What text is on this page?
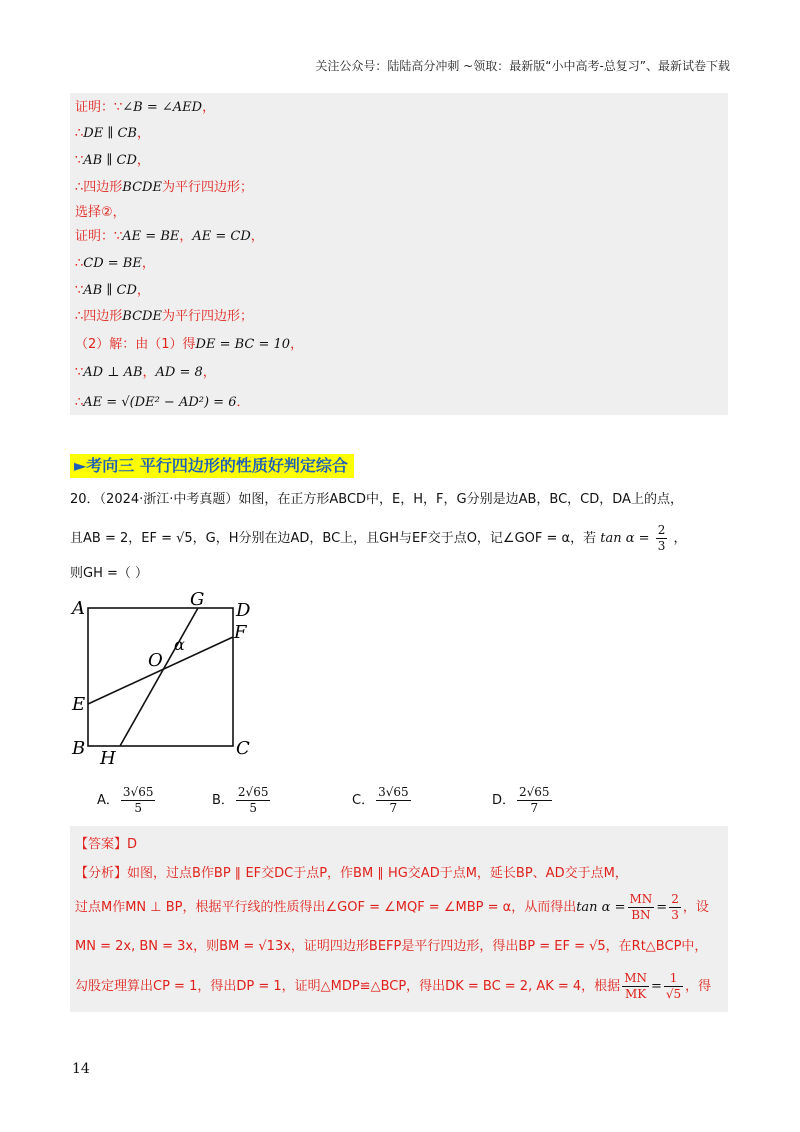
关注公众号：陆陆高分冲刺 ~领取：最新版“小中高考-总复习”、最新试卷下载
证明：∵∠B = ∠AED，
∴DE ∥ CB，
∵AB ∥ CD，
∴四边形BCDE为平行四边形；
选择②，
证明：∵AE = BE，AE = CD，
∴CD = BE，
∵AB ∥ CD，
∴四边形BCDE为平行四边形；
（2）解：由（1）得DE = BC = 10，
∵AD ⊥ AB，AD = 8，
∴AE = √(DE² − AD²) = 6．
►考向三 平行四边形的性质好判定综合
20．（2024·浙江·中考真题）如图，在正方形ABCD中，E，H，F，G分别是边AB，BC，CD，DA上的点，
且AB = 2，EF = √5，G，H分别在边AD，BC上，且GH与EF交于点O，记∠GOF = α，若 $\tan \alpha = \frac{2}{3}$ ，
则GH =（ ）
A	D
G
F
O
α
E
B	C
H
A． $\frac{3√65}{5}$	B． $\frac{2√65}{5}$	C． $\frac{3√65}{7}$	D． $\frac{2√65}{7}$
【答案】D
【分析】如图，过点B作BP ∥ EF交DC于点P，作BM ∥ HG交AD于点M，延长BP、AD交于点M，
过点M作MN ⊥ BP，根据平行线的性质得出∠GOF = ∠MQF = ∠MBP = α，从而得出$\tan \alpha = \frac{MN}{BN} = \frac{2}{3}$ ，设
MN = 2x, BN = 3x，则BM = √13x，证明四边形BEFP是平行四边形，得出BP = EF = √5，在Rt△BCP中，
勾股定理算出CP = 1，得出DP = 1，证明△MDP≌△BCP，得出DK = BC = 2, AK = 4，根据 $\frac{MN}{MK} = \frac{1}{√5}$ ，得
14
